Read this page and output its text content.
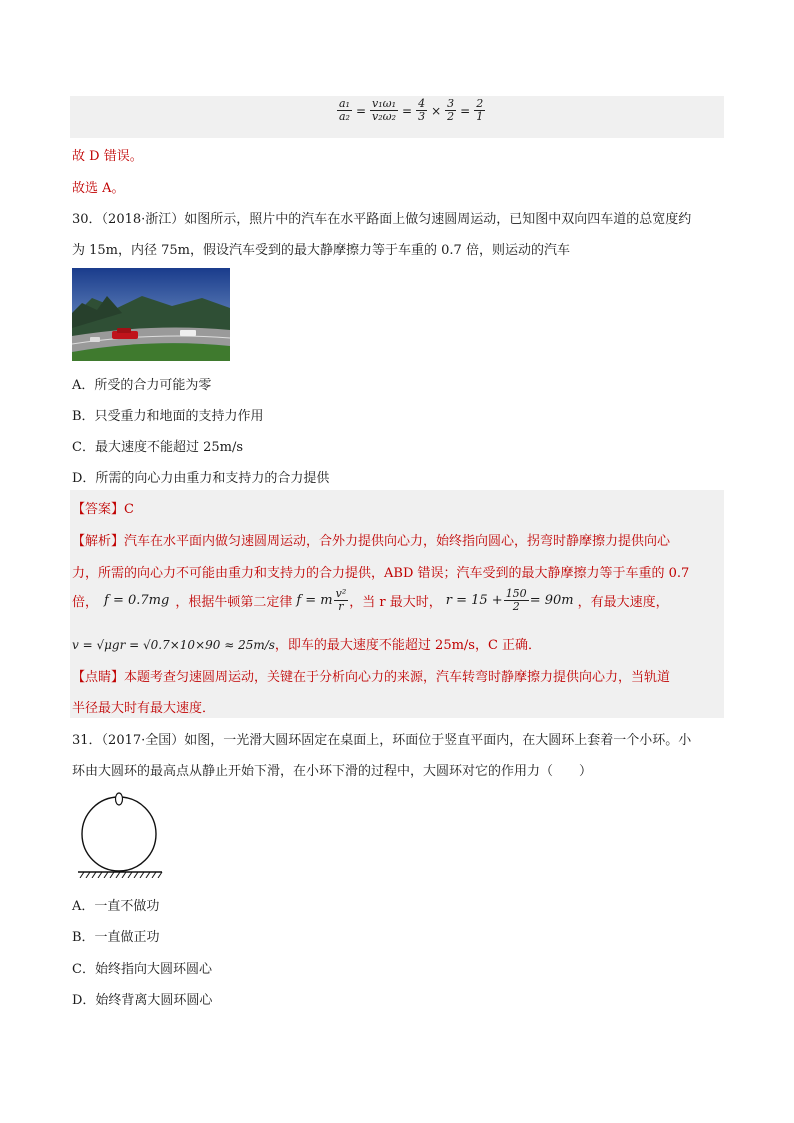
$\frac{\text{a₁}}{\text{a₂}} = \frac{\text{v₁ω₁}}{\text{v₂ω₂}} = \frac{4}{3} \times \frac{3}{2} = \frac{2}{1}$
故 D 错误。
故选 A。
30．（2018·浙江）如图所示，照片中的汽车在水平路面上做匀速圆周运动，已知图中双向四车道的总宽度约
为 15m，内径 75m，假设汽车受到的最大静摩擦力等于车重的 0.7 倍，则运动的汽车
A．所受的合力可能为零
B．只受重力和地面的支持力作用
C．最大速度不能超过 25m/s
D．所需的向心力由重力和支持力的合力提供
【答案】C
【解析】汽车在水平面内做匀速圆周运动，合外力提供向心力，始终指向圆心，拐弯时静摩擦力提供向心
力，所需的向心力不可能由重力和支持力的合力提供，ABD 错误；汽车受到的最大静摩擦力等于车重的 0.7
倍， f = 0.7mg ，根据牛顿第二定律 f = m $\frac{\text{v²}}{r}$ ，当 r 最大时， $r = 15 + \frac{150}{2} = 90m$ ，有最大速度，
v = √μgr = √0.7×10×90 ≈ 25m/s，即车的最大速度不能超过 25m/s，C 正确．
【点睛】本题考查匀速圆周运动，关键在于分析向心力的来源，汽车转弯时静摩擦力提供向心力，当轨道
半径最大时有最大速度．
31．（2017·全国）如图，一光滑大圆环固定在桌面上，环面位于竖直平面内，在大圆环上套着一个小环。小
环由大圆环的最高点从静止开始下滑，在小环下滑的过程中，大圆环对它的作用力（　　）
A．一直不做功
B．一直做正功
C．始终指向大圆环圆心
D．始终背离大圆环圆心
